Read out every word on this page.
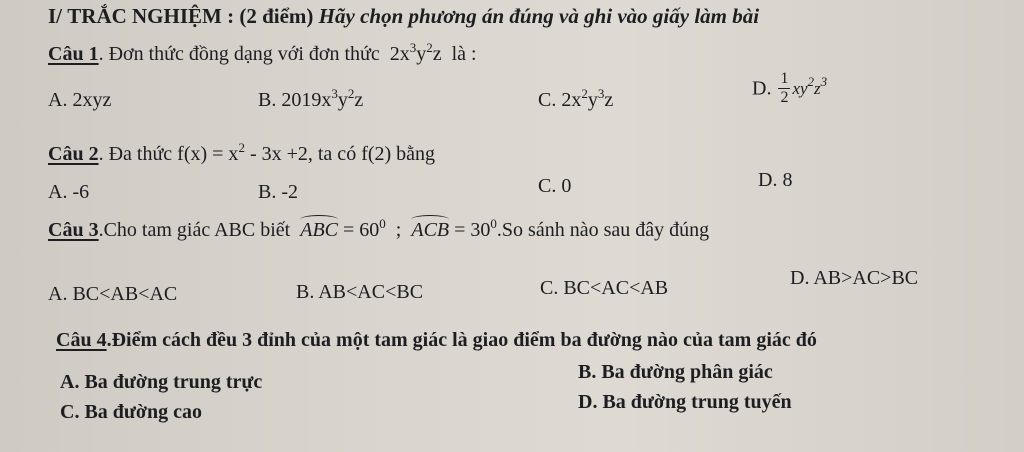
I/ TRẮC NGHIỆM : (2 điểm) Hãy chọn phương án đúng và ghi vào giấy làm bài
Câu 1. Đơn thức đồng dạng với đơn thức $2x^3y^2z$ là :
A. 2xyz	B. $2019x^3y^2z$	C. $2x^2y^3z$
D. $\frac{1}{2} xy^2z^3$
Câu 2. Đa thức $f(x) = x^2 - 3x +2$, ta có f(2) bằng
A. -6	B. -2	C. 0	D. 8
Câu 3.Cho tam giác ABC biết ABC = $60^0$ ; ACB = $30^0.So$ sánh nào sau đây đúng
A. BC<AB<AC	B. AB<AC<BC	C. BC<AC<AB	D. AB>AC>BC
Câu 4.Điểm cách đều 3 đỉnh của một tam giác là giao điểm ba đường nào của tam giác đó
A. Ba đường trung trực	B. Ba đường phân giác
C. Ba đường cao	D. Ba đường trung tuyến
